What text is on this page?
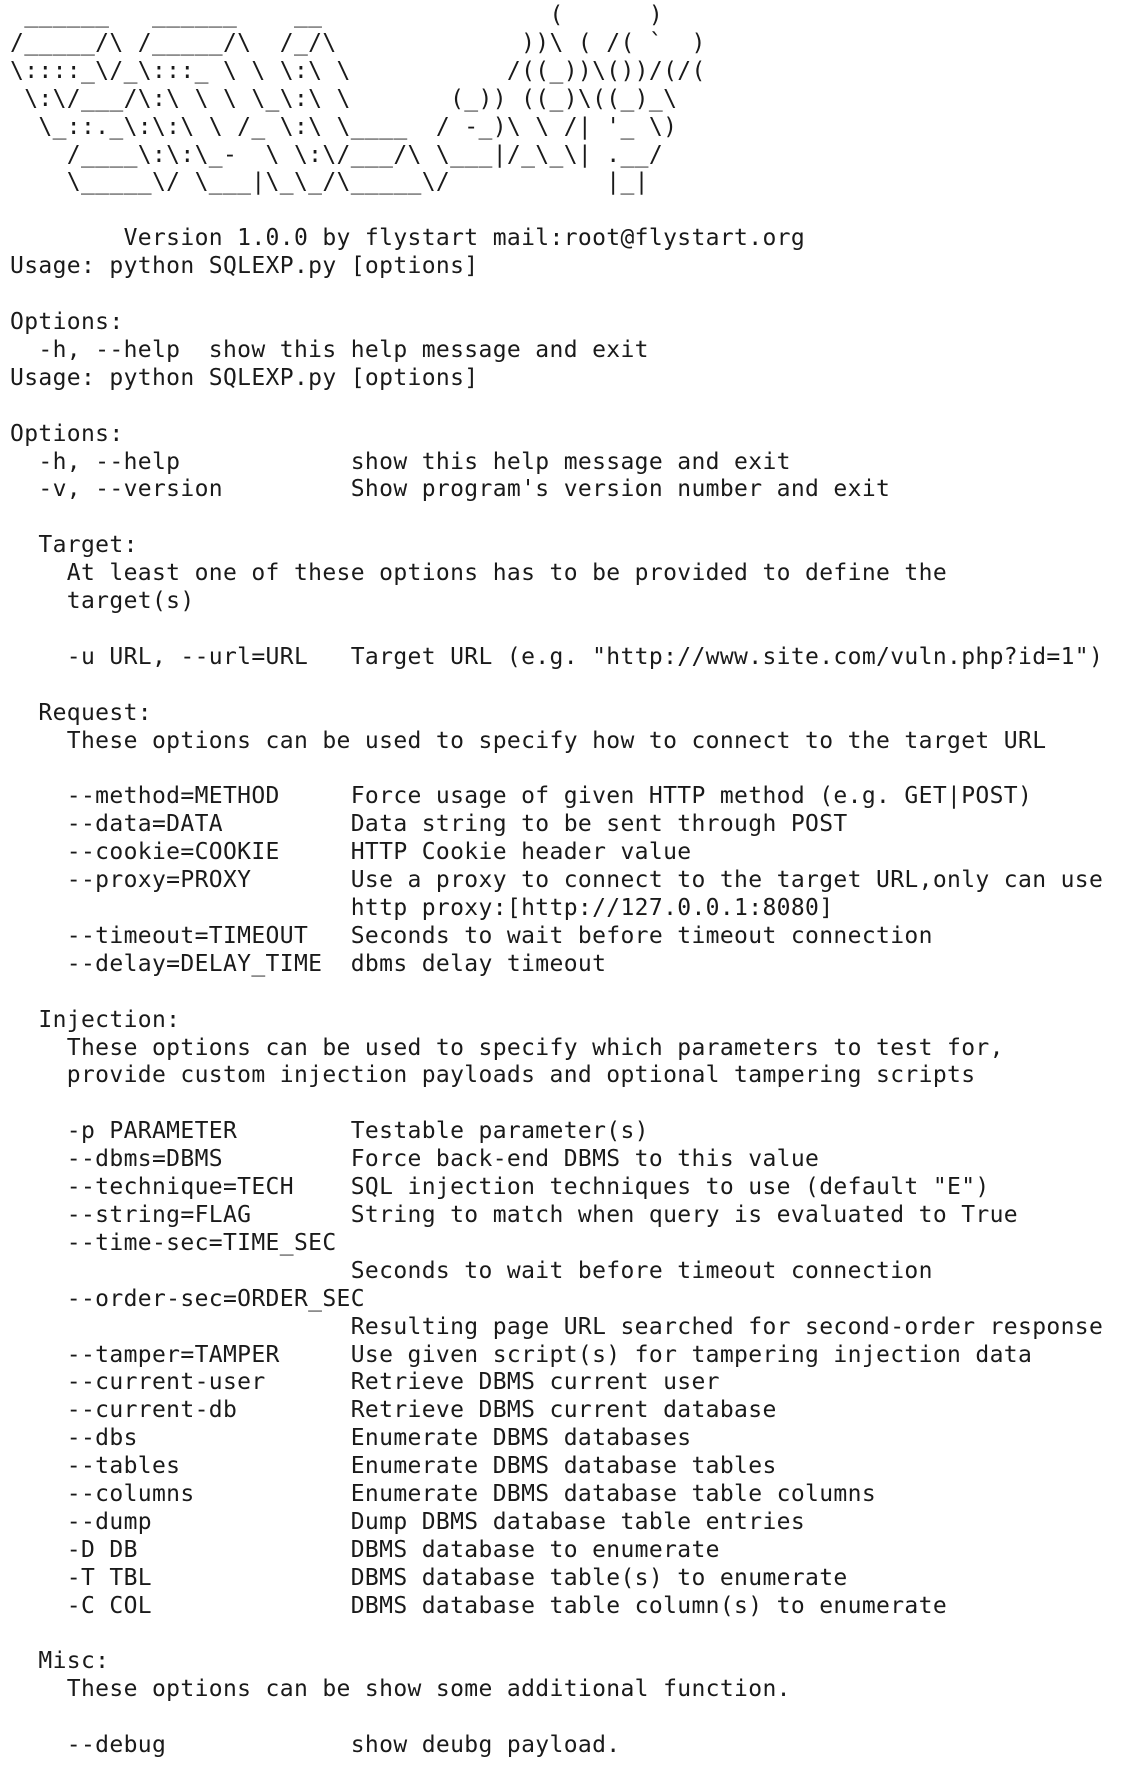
______   ______    __                (      )
/_____/\ /_____/\  /_/\             ))\ ( /( `  )
\::::_\/_\:::_ \ \ \:\ \           /((_))\())/(/(
\:\/___/\:\ \ \ \_\:\ \       (_)) ((_)\((_)_\
\_::._\:\:\ \ /_ \:\ \____  / -_)\ \ /| '_ \)
/____\:\:\_-  \ \:\/___/\ \___|/_\_\| .__/
\_____\/ \___|\_\_/\_____\/           |_|

Version 1.0.0 by flystart mail:root@flystart.org
Usage: python SQLEXP.py [options]

Options:
-h, --help  show this help message and exit
Usage: python SQLEXP.py [options]

Options:
-h, --help            show this help message and exit
-v, --version         Show program's version number and exit

Target:
At least one of these options has to be provided to define the
target(s)

-u URL, --url=URL   Target URL (e.g. "http://www.site.com/vuln.php?id=1")

Request:
These options can be used to specify how to connect to the target URL

--method=METHOD     Force usage of given HTTP method (e.g. GET|POST)
--data=DATA         Data string to be sent through POST
--cookie=COOKIE     HTTP Cookie header value
--proxy=PROXY       Use a proxy to connect to the target URL,only can use
http proxy:[http://127.0.0.1:8080]
--timeout=TIMEOUT   Seconds to wait before timeout connection
--delay=DELAY_TIME  dbms delay timeout

Injection:
These options can be used to specify which parameters to test for,
provide custom injection payloads and optional tampering scripts

-p PARAMETER        Testable parameter(s)
--dbms=DBMS         Force back-end DBMS to this value
--technique=TECH    SQL injection techniques to use (default "E")
--string=FLAG       String to match when query is evaluated to True
--time-sec=TIME_SEC
Seconds to wait before timeout connection
--order-sec=ORDER_SEC
Resulting page URL searched for second-order response
--tamper=TAMPER     Use given script(s) for tampering injection data
--current-user      Retrieve DBMS current user
--current-db        Retrieve DBMS current database
--dbs               Enumerate DBMS databases
--tables            Enumerate DBMS database tables
--columns           Enumerate DBMS database table columns
--dump              Dump DBMS database table entries
-D DB               DBMS database to enumerate
-T TBL              DBMS database table(s) to enumerate
-C COL              DBMS database table column(s) to enumerate

Misc:
These options can be show some additional function.

--debug             show deubg payload.
